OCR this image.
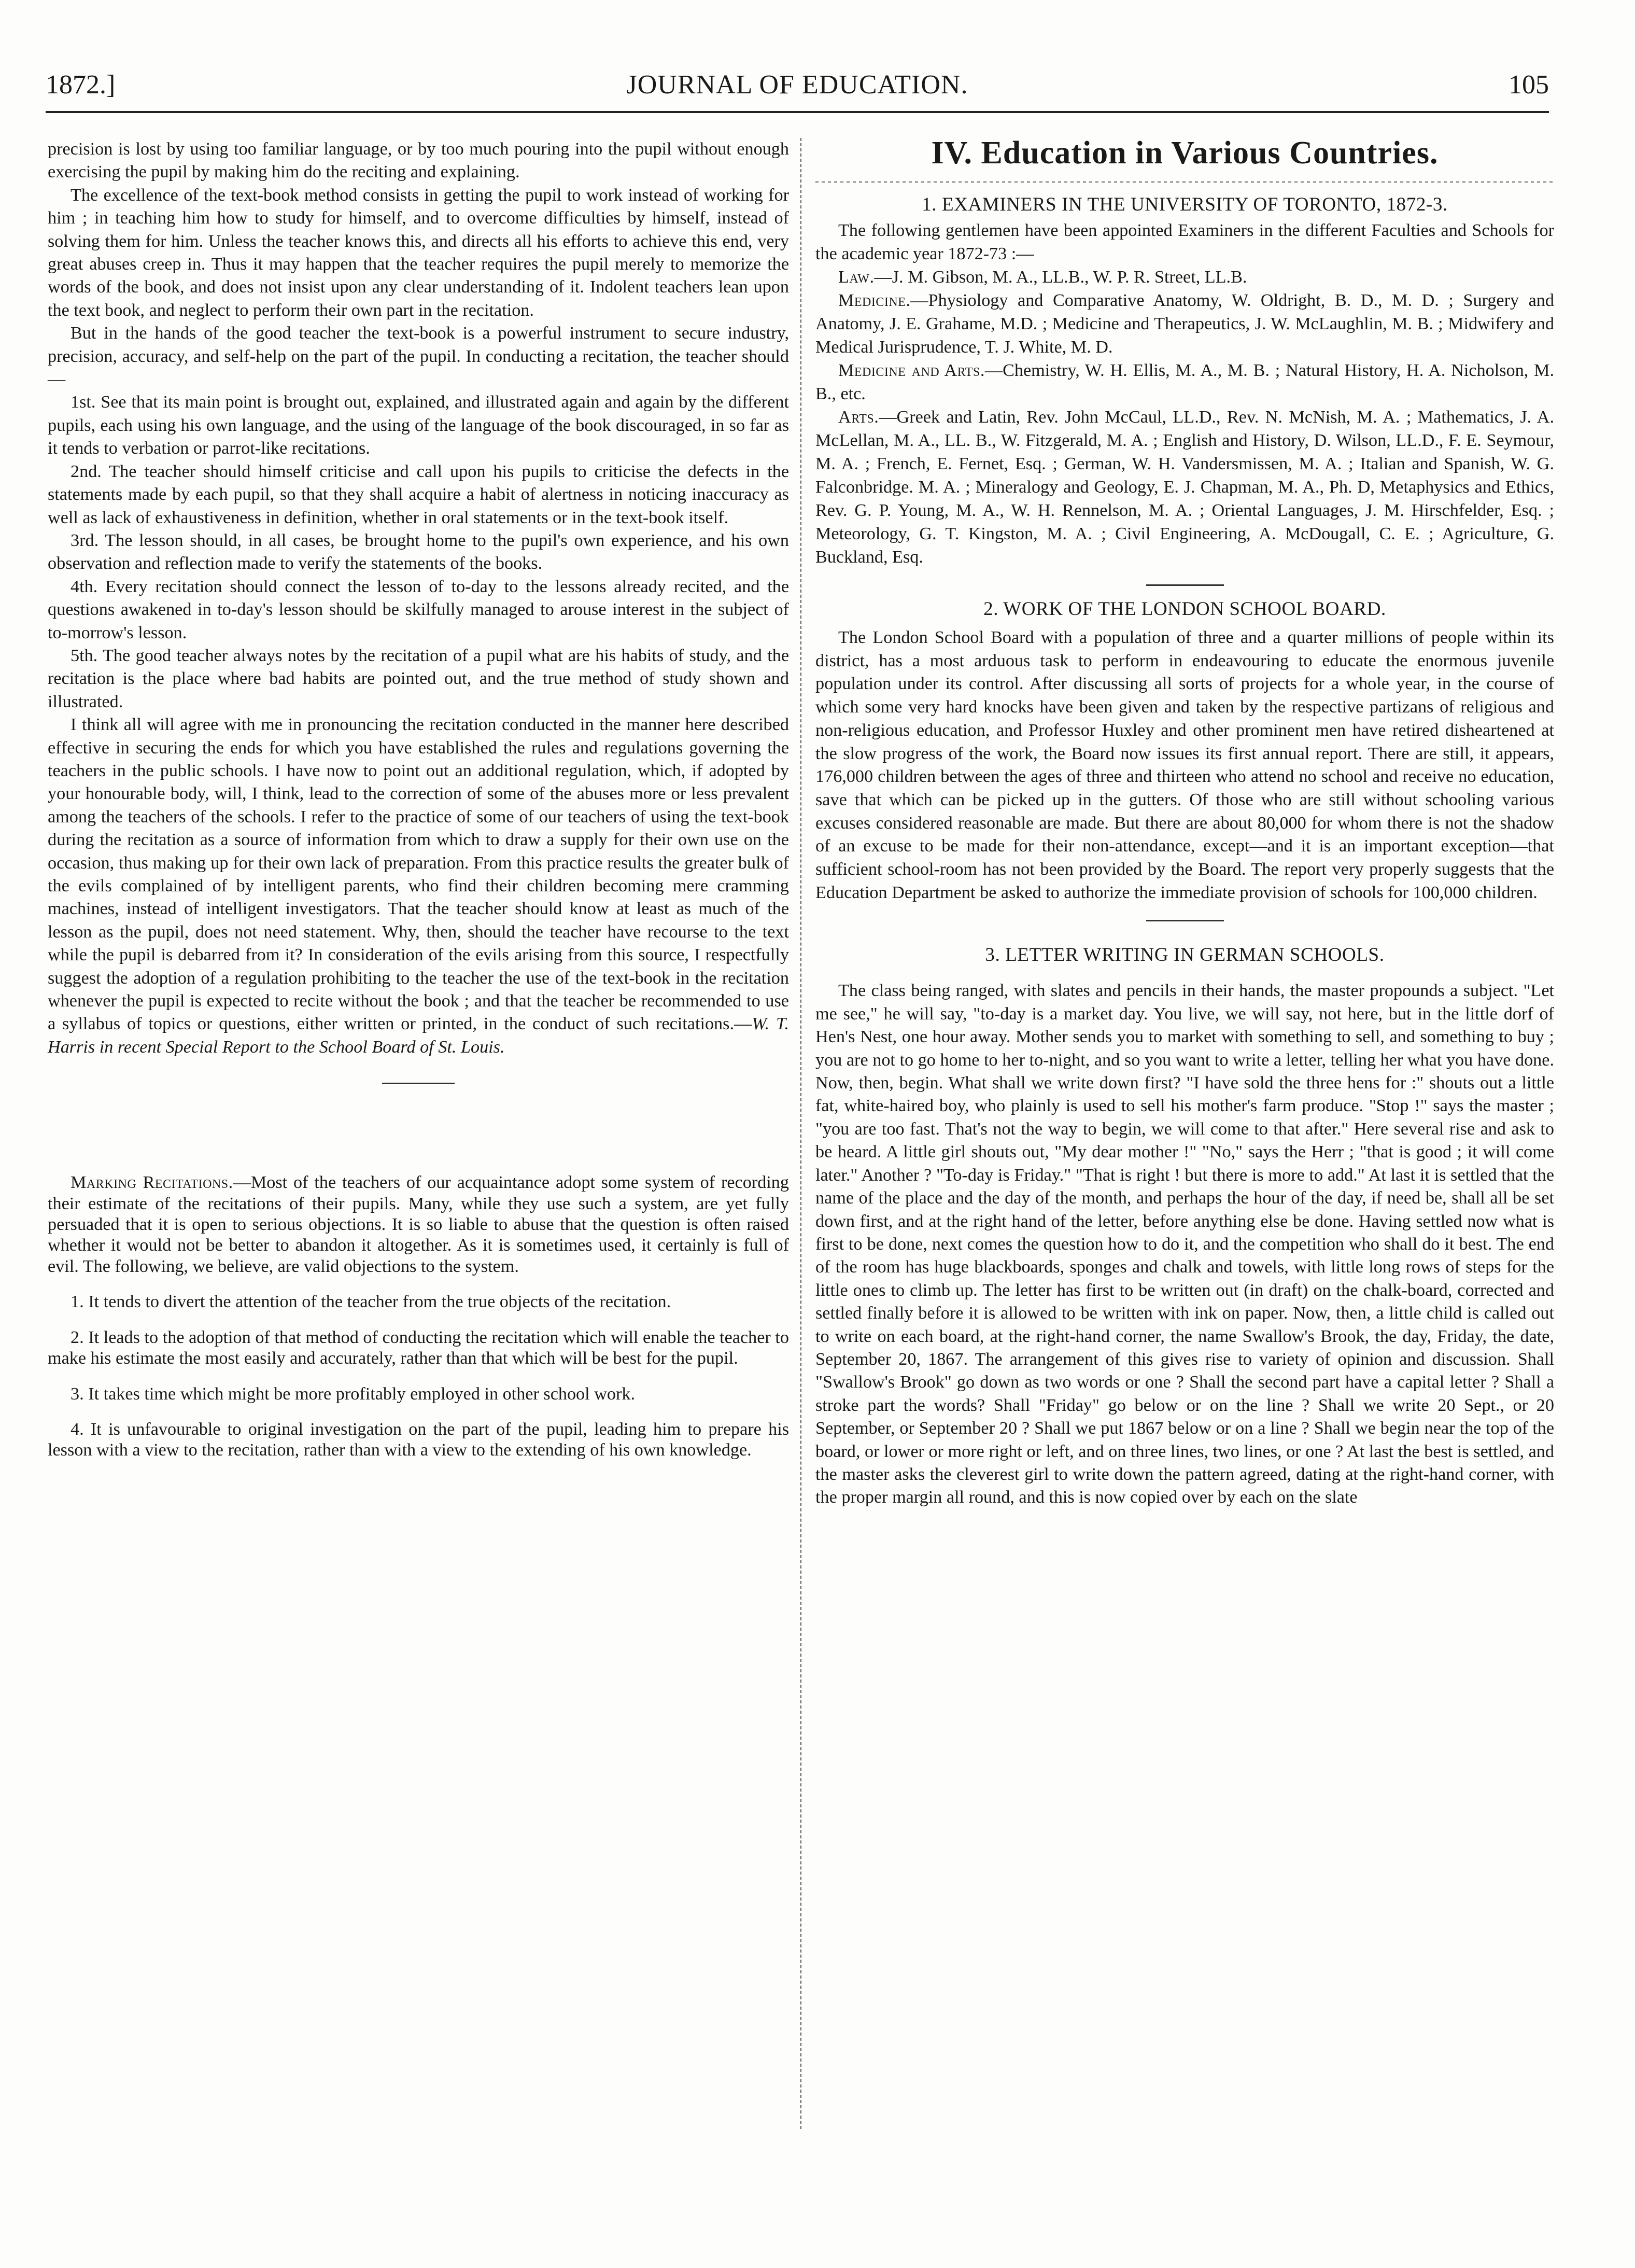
1872.]	JOURNAL OF EDUCATION.	105

precision is lost by using too familiar language, or by too much pouring into the pupil without enough exercising the pupil by making him do the reciting and explaining.

The excellence of the text-book method consists in getting the pupil to work instead of working for him ; in teaching him how to study for himself, and to overcome difficulties by himself, instead of solving them for him. Unless the teacher knows this, and directs all his efforts to achieve this end, very great abuses creep in. Thus it may happen that the teacher requires the pupil merely to memorize the words of the book, and does not insist upon any clear understanding of it. Indolent teachers lean upon the text book, and neglect to perform their own part in the recitation.

But in the hands of the good teacher the text-book is a powerful instrument to secure industry, precision, accuracy, and self-help on the part of the pupil. In conducting a recitation, the teacher should—

1st. See that its main point is brought out, explained, and illustrated again and again by the different pupils, each using his own language, and the using of the language of the book discouraged, in so far as it tends to verbation or parrot-like recitations.

2nd. The teacher should himself criticise and call upon his pupils to criticise the defects in the statements made by each pupil, so that they shall acquire a habit of alertness in noticing inaccuracy as well as lack of exhaustiveness in definition, whether in oral statements or in the text-book itself.

3rd. The lesson should, in all cases, be brought home to the pupil's own experience, and his own observation and reflection made to verify the statements of the books.

4th. Every recitation should connect the lesson of to-day to the lessons already recited, and the questions awakened in to-day's lesson should be skilfully managed to arouse interest in the subject of to-morrow's lesson.

5th. The good teacher always notes by the recitation of a pupil what are his habits of study, and the recitation is the place where bad habits are pointed out, and the true method of study shown and illustrated.

I think all will agree with me in pronouncing the recitation conducted in the manner here described effective in securing the ends for which you have established the rules and regulations governing the teachers in the public schools. I have now to point out an additional regulation, which, if adopted by your honourable body, will, I think, lead to the correction of some of the abuses more or less prevalent among the teachers of the schools. I refer to the practice of some of our teachers of using the text-book during the recitation as a source of information from which to draw a supply for their own use on the occasion, thus making up for their own lack of preparation. From this practice results the greater bulk of the evils complained of by intelligent parents, who find their children becoming mere cramming machines, instead of intelligent investigators. That the teacher should know at least as much of the lesson as the pupil, does not need statement. Why, then, should the teacher have recourse to the text while the pupil is debarred from it? In consideration of the evils arising from this source, I respectfully suggest the adoption of a regulation prohibiting to the teacher the use of the text-book in the recitation whenever the pupil is expected to recite without the book ; and that the teacher be recommended to use a syllabus of topics or questions, either written or printed, in the conduct of such recitations.—W. T. Harris in recent Special Report to the School Board of St. Louis.

Marking Recitations.—Most of the teachers of our acquaintance adopt some system of recording their estimate of the recitations of their pupils. Many, while they use such a system, are yet fully persuaded that it is open to serious objections. It is so liable to abuse that the question is often raised whether it would not be better to abandon it altogether. As it is sometimes used, it certainly is full of evil. The following, we believe, are valid objections to the system.

1. It tends to divert the attention of the teacher from the true objects of the recitation.

2. It leads to the adoption of that method of conducting the recitation which will enable the teacher to make his estimate the most easily and accurately, rather than that which will be best for the pupil.

3. It takes time which might be more profitably employed in other school work.

4. It is unfavourable to original investigation on the part of the pupil, leading him to prepare his lesson with a view to the recitation, rather than with a view to the extending of his own knowledge.

IV. Education in Various Countries.
1. EXAMINERS IN THE UNIVERSITY OF TORONTO, 1872-3.

The following gentlemen have been appointed Examiners in the different Faculties and Schools for the academic year 1872-73 :—

Law.—J. M. Gibson, M. A., LL.B., W. P. R. Street, LL.B.

Medicine.—Physiology and Comparative Anatomy, W. Oldright, B. D., M. D. ; Surgery and Anatomy, J. E. Grahame, M.D. ; Medicine and Therapeutics, J. W. McLaughlin, M. B. ; Midwifery and Medical Jurisprudence, T. J. White, M. D.

Medicine and Arts.—Chemistry, W. H. Ellis, M. A., M. B. ; Natural History, H. A. Nicholson, M. B., etc.

Arts.—Greek and Latin, Rev. John McCaul, LL.D., Rev. N. McNish, M. A. ; Mathematics, J. A. McLellan, M. A., LL. B., W. Fitzgerald, M. A. ; English and History, D. Wilson, LL.D., F. E. Seymour, M. A. ; French, E. Fernet, Esq. ; German, W. H. Vandersmissen, M. A. ; Italian and Spanish, W. G. Falconbridge. M. A. ; Mineralogy and Geology, E. J. Chapman, M. A., Ph. D, Metaphysics and Ethics, Rev. G. P. Young, M. A., W. H. Rennelson, M. A. ; Oriental Languages, J. M. Hirschfelder, Esq. ; Meteorology, G. T. Kingston, M. A. ; Civil Engineering, A. McDougall, C. E. ; Agriculture, G. Buckland, Esq.

2. WORK OF THE LONDON SCHOOL BOARD.

The London School Board with a population of three and a quarter millions of people within its district, has a most arduous task to perform in endeavouring to educate the enormous juvenile population under its control. After discussing all sorts of projects for a whole year, in the course of which some very hard knocks have been given and taken by the respective partizans of religious and non-religious education, and Professor Huxley and other prominent men have retired disheartened at the slow progress of the work, the Board now issues its first annual report. There are still, it appears, 176,000 children between the ages of three and thirteen who attend no school and receive no education, save that which can be picked up in the gutters. Of those who are still without schooling various excuses considered reasonable are made. But there are about 80,000 for whom there is not the shadow of an excuse to be made for their non-attendance, except—and it is an important exception—that sufficient school-room has not been provided by the Board. The report very properly suggests that the Education Department be asked to authorize the immediate provision of schools for 100,000 children.

3. LETTER WRITING IN GERMAN SCHOOLS.

The class being ranged, with slates and pencils in their hands, the master propounds a subject. "Let me see," he will say, "to-day is a market day. You live, we will say, not here, but in the little dorf of Hen's Nest, one hour away. Mother sends you to market with something to sell, and something to buy ; you are not to go home to her to-night, and so you want to write a letter, telling her what you have done. Now, then, begin. What shall we write down first? "I have sold the three hens for :" shouts out a little fat, white-haired boy, who plainly is used to sell his mother's farm produce. "Stop !" says the master ; "you are too fast. That's not the way to begin, we will come to that after." Here several rise and ask to be heard. A little girl shouts out, "My dear mother !" "No," says the Herr ; "that is good ; it will come later." Another ? "To-day is Friday." "That is right ! but there is more to add." At last it is settled that the name of the place and the day of the month, and perhaps the hour of the day, if need be, shall all be set down first, and at the right hand of the letter, before anything else be done. Having settled now what is first to be done, next comes the question how to do it, and the competition who shall do it best. The end of the room has huge blackboards, sponges and chalk and towels, with little long rows of steps for the little ones to climb up. The letter has first to be written out (in draft) on the chalk-board, corrected and settled finally before it is allowed to be written with ink on paper. Now, then, a little child is called out to write on each board, at the right-hand corner, the name Swallow's Brook, the day, Friday, the date, September 20, 1867. The arrangement of this gives rise to variety of opinion and discussion. Shall "Swallow's Brook" go down as two words or one ? Shall the second part have a capital letter ? Shall a stroke part the words? Shall "Friday" go below or on the line ? Shall we write 20 Sept., or 20 September, or September 20 ? Shall we put 1867 below or on a line ? Shall we begin near the top of the board, or lower or more right or left, and on three lines, two lines, or one ? At last the best is settled, and the master asks the cleverest girl to write down the pattern agreed, dating at the right-hand corner, with the proper margin all round, and this is now copied over by each on the slate
